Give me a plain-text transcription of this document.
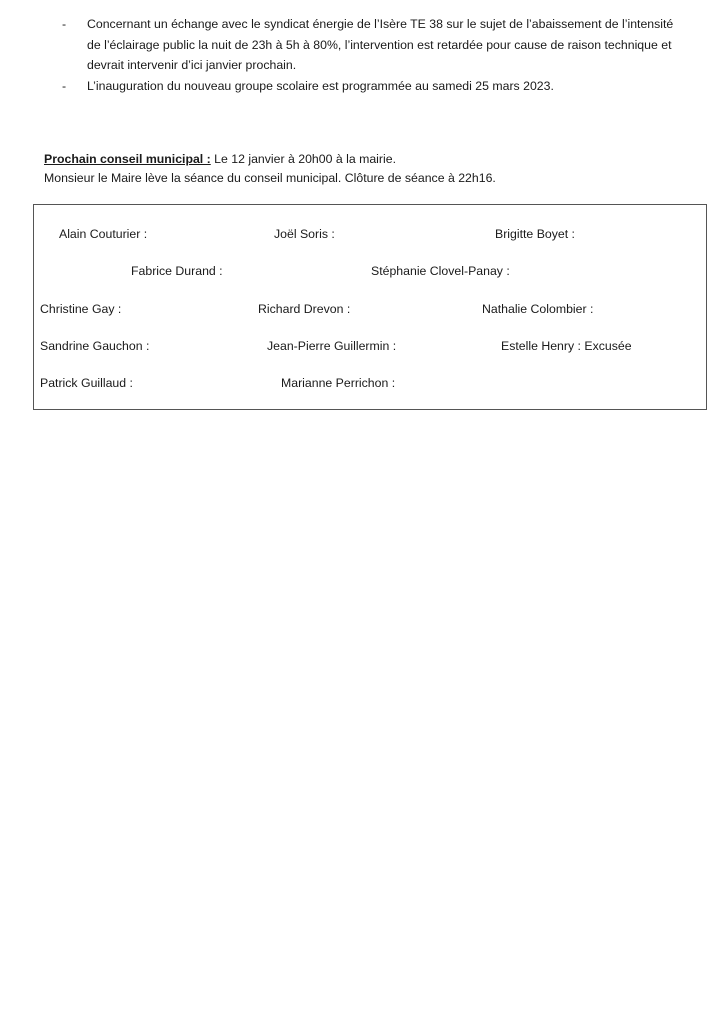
-	Concernant un échange avec le syndicat énergie de l’Isère TE 38 sur le sujet de l’abaissement de l’intensité
de l’éclairage public la nuit de 23h à 5h à 80%, l’intervention est retardée pour cause de raison technique et
devrait intervenir d’ici janvier prochain.
-	L’inauguration du nouveau groupe scolaire est programmée au samedi 25 mars 2023.
Prochain conseil municipal : Le 12 janvier à 20h00 à la mairie.
Monsieur le Maire lève la séance du conseil municipal. Clôture de séance à 22h16.
Alain Couturier :	Joël Soris :	Brigitte Boyet :
Fabrice Durand :	Stéphanie Clovel-Panay :
Christine Gay :	Richard Drevon :	Nathalie Colombier :
Sandrine Gauchon :	Jean-Pierre Guillermin :	Estelle Henry : Excusée
Patrick Guillaud :	Marianne Perrichon :
